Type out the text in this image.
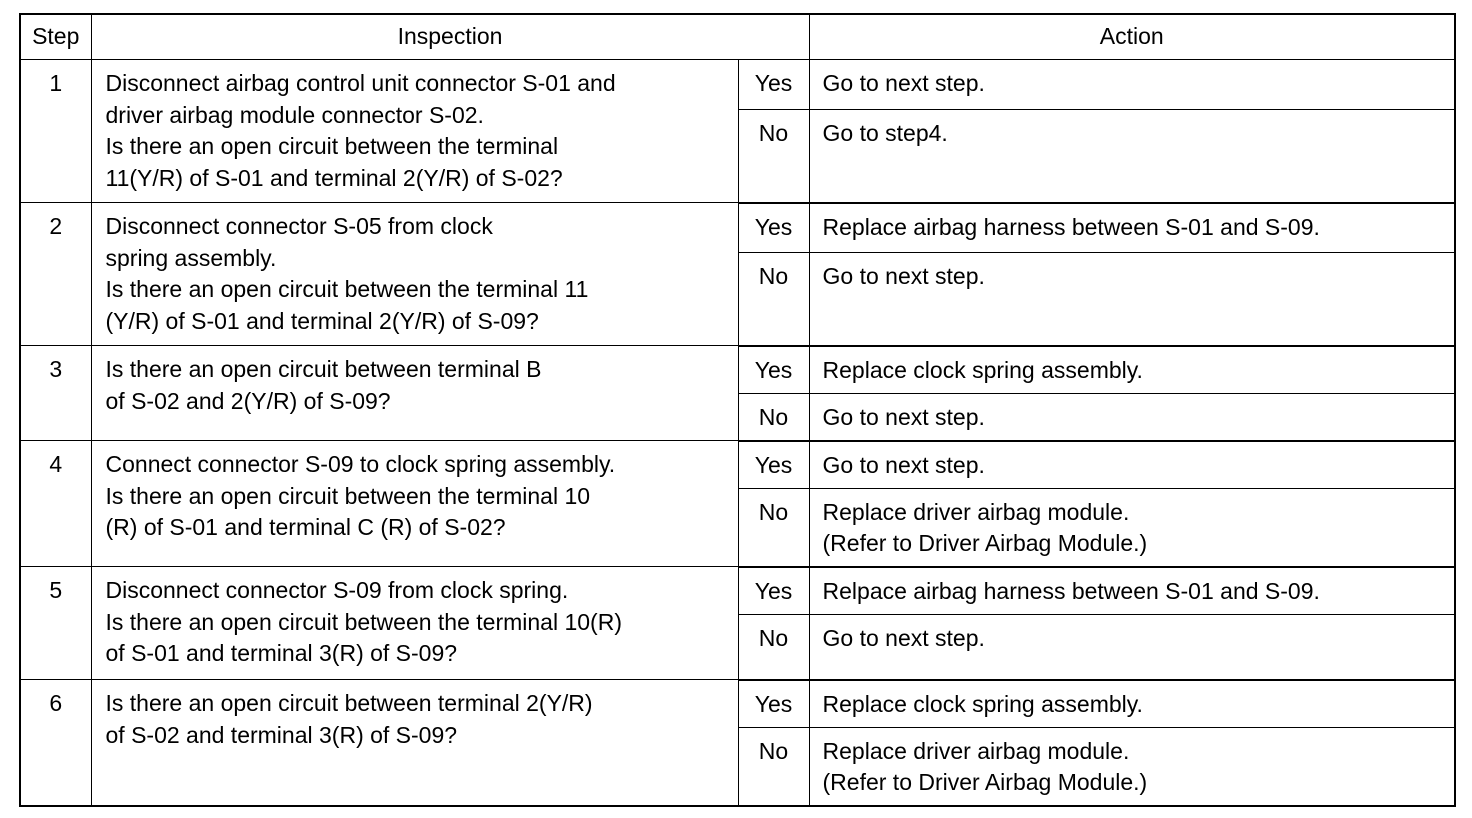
Step	Inspection		Action
1	Disconnect airbag control unit connector S-01 and
driver airbag module connector S-02.
Is there an open circuit between the terminal
11(Y/R) of S-01 and terminal 2(Y/R) of S-02?	Yes	Go to next step.

		No	Go to step4.

2	Disconnect connector S-05 from clock
spring assembly.
Is there an open circuit between the terminal 11
(Y/R) of S-01 and terminal 2(Y/R) of S-09?	Yes	Replace airbag harness between S-01 and S-09.

		No	Go to next step.

3	Is there an open circuit between terminal B
of S-02 and 2(Y/R) of S-09?	Yes	Replace clock spring assembly.

		No	Go to next step.

4	Connect connector S-09 to clock spring assembly.
Is there an open circuit between the terminal 10
(R) of S-01 and terminal C (R) of S-02?	Yes	Go to next step.

		No	Replace driver airbag module.
(Refer to Driver Airbag Module.)

5	Disconnect connector S-09 from clock spring.
Is there an open circuit between the terminal 10(R)
of S-01 and terminal 3(R) of S-09?	Yes	Relpace airbag harness between S-01 and S-09.

		No	Go to next step.

6	Is there an open circuit between terminal 2(Y/R)
of S-02 and terminal 3(R) of S-09?	Yes	Replace clock spring assembly.

		No	Replace driver airbag module.
(Refer to Driver Airbag Module.)
